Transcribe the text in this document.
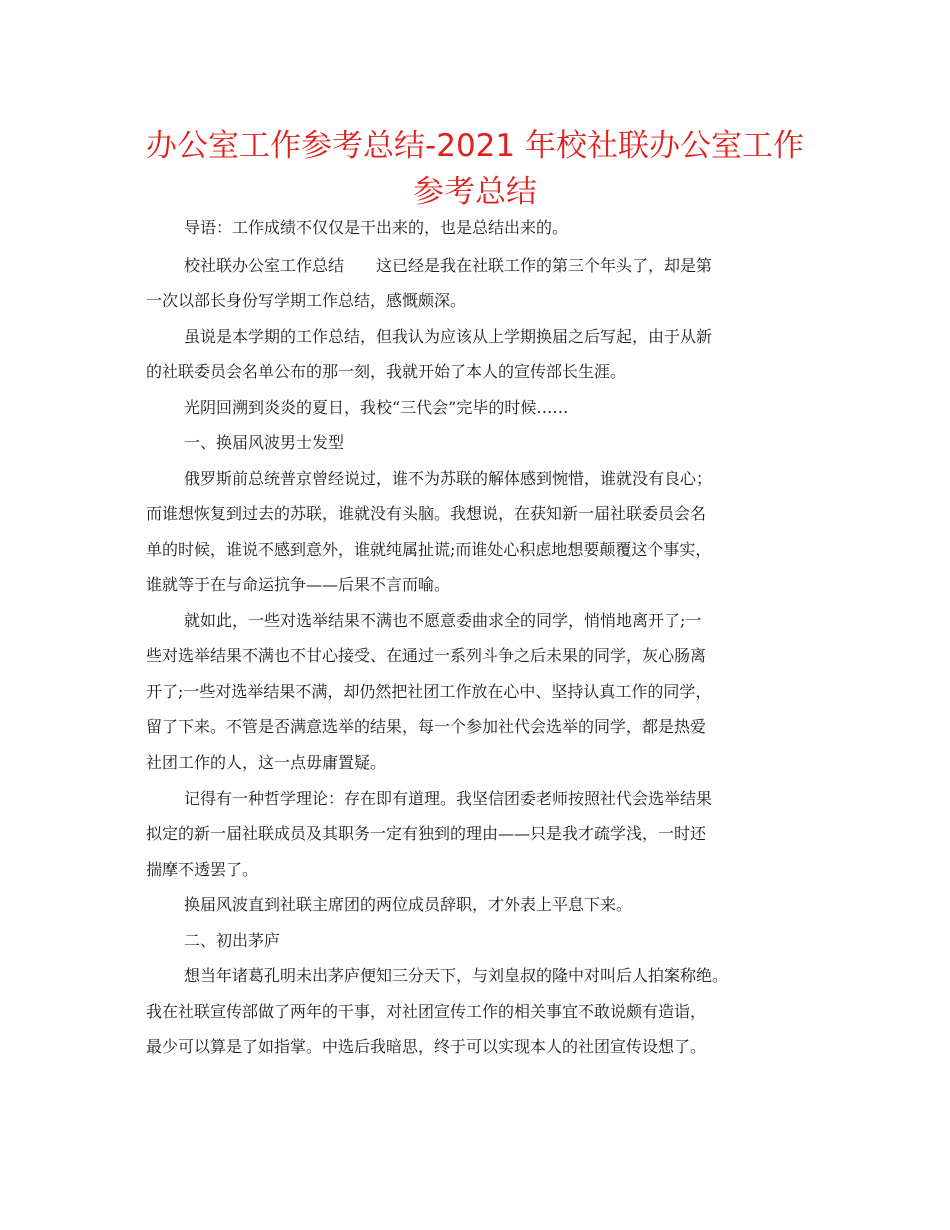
办公室工作参考总结-2021 年校社联办公室工作
参考总结
导语：工作成绩不仅仅是干出来的，也是总结出来的。
校社联办公室工作总结 这已经是我在社联工作的第三个年头了，却是第
一次以部长身份写学期工作总结，感慨颇深。
虽说是本学期的工作总结，但我认为应该从上学期换届之后写起，由于从新
的社联委员会名单公布的那一刻，我就开始了本人的宣传部长生涯。
光阴回溯到炎炎的夏日，我校“三代会”完毕的时候……
一、换届风波男士发型
俄罗斯前总统普京曾经说过，谁不为苏联的解体感到惋惜，谁就没有良心；
而谁想恢复到过去的苏联，谁就没有头脑。我想说，在获知新一届社联委员会名
单的时候，谁说不感到意外，谁就纯属扯谎;而谁处心积虑地想要颠覆这个事实，
谁就等于在与命运抗争——后果不言而喻。
就如此，一些对选举结果不满也不愿意委曲求全的同学，悄悄地离开了;一
些对选举结果不满也不甘心接受、在通过一系列斗争之后未果的同学，灰心肠离
开了;一些对选举结果不满，却仍然把社团工作放在心中、坚持认真工作的同学，
留了下来。不管是否满意选举的结果，每一个参加社代会选举的同学，都是热爱
社团工作的人，这一点毋庸置疑。
记得有一种哲学理论：存在即有道理。我坚信团委老师按照社代会选举结果
拟定的新一届社联成员及其职务一定有独到的理由——只是我才疏学浅，一时还
揣摩不透罢了。
换届风波直到社联主席团的两位成员辞职，才外表上平息下来。
二、初出茅庐
想当年诸葛孔明未出茅庐便知三分天下，与刘皇叔的隆中对叫后人拍案称绝。
我在社联宣传部做了两年的干事，对社团宣传工作的相关事宜不敢说颇有造诣，
最少可以算是了如指掌。中选后我暗思，终于可以实现本人的社团宣传设想了。
